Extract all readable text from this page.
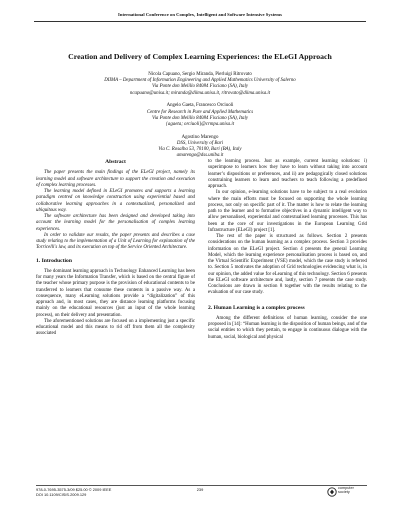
International Conference on Complex, Intelligent and Software Intensive Systems
Creation and Delivery of Complex Learning Experiences: the ELeGI Approach
Nicola Capuano, Sergio Miranda, Pierluigi Ritrovato
DIIMA – Department of Information Engineering and Applied Mathematics University of Salerno
Via Ponte don Melillo 84084 Fisciano (SA), Italy
ncapuano@unisa.it; miranda@diima.unisa.it, ritrovato@diima.unisa.it
Angelo Gaeta, Francesco Orciuoli
Centre for Research in Pure and Applied Mathematics
Via Ponte don Melillo 84084 Fisciano (SA), Italy
{agaeta; orciuoli}@crmpa.unisa.it
Agostino Marengo
DSS, University of Bari
Via C. Rosalba 53, 70100, Bari (BA), Italy
amarengo@dss.uniba.it
Abstract

The paper presents the main findings of the ELeGI project, namely its learning model and software architecture to support the creation and execution of complex learning processes.

The learning model defined in ELeGI promotes and supports a learning paradigm centred on knowledge construction using experiential based and collaborative learning approaches in a contextualized, personalized and ubiquitous way.

The software architecture has been designed and developed taking into account the learning model for the personalisation of complex learning experiences.

In order to validate our results, the paper presents and describes a case study relating to the implementation of a Unit of Learning for explanation of the Torricelli's law, and its execution on top of the Service Oriented Architecture.

1. Introduction

The dominant learning approach in Technology Enhanced Learning has been for many years the Information Transfer, which is based on the central figure of the teacher whose primary purpose is the provision of educational contents to be transferred to learners that consume these contents in a passive way. As a consequence, many eLearning solutions provide a “digitalization” of this approach and, in most cases, they are distance learning platforms focusing mainly on the educational resources (just an input of the whole learning process), on their delivery and presentation.

The aforementioned solutions are focused on a implementing just a specific educational model and this means to rid off from them all the complexity associated

to the learning process. Just as example, current learning solutions: i) superimpose to learners how they have to learn without taking into account learner’s dispositions or preferences, and ii) are pedagogically closed solutions constraining learners to learn and teachers to teach following a predefined approach.

In our opinion, e-learning solutions have to be subject to a real evolution where the main efforts must be focused on supporting the whole learning process, not only on specific part of it. The matter is how to relate the learning path to the learner and to formative objectives in a dynamic intelligent way to allow personalised, experiential and contextualised learning processes. This has been at the core of our investigations in the European Learning Grid Infrastructure (ELeGI) project [1].

The rest of the paper is structured as follows. Section 2 presents considerations on the human learning as a complex process. Section 3 provides information on the ELeGI project. Section 4 presents the general Learning Model, which the learning experience personalisation process is based on, and the Virtual Scientific Experiment (VSE) model, which the case study is referred to. Section 5 motivates the adoption of Grid technologies evidencing what is, in our opinion, the added value for eLearning of this technology. Section 6 presents the ELeGI software architecture and, lastly, section 7 presents the case study. Conclusions are drawn in section 8 together with the results relating to the evaluation of our case study.

2. Human Learning is a complex process

Among the different definitions of human learning, consider the one proposed in [14]: “Human learning is the disposition of human beings, and of the social entities to which they pertain, to engage in continuous dialogue with the human, social, biological and physical

978-0-7695-3575-3/09 $25.00 © 2009 IEEE
DOI 10.1109/CISIS.2009.129
239	computer
society
